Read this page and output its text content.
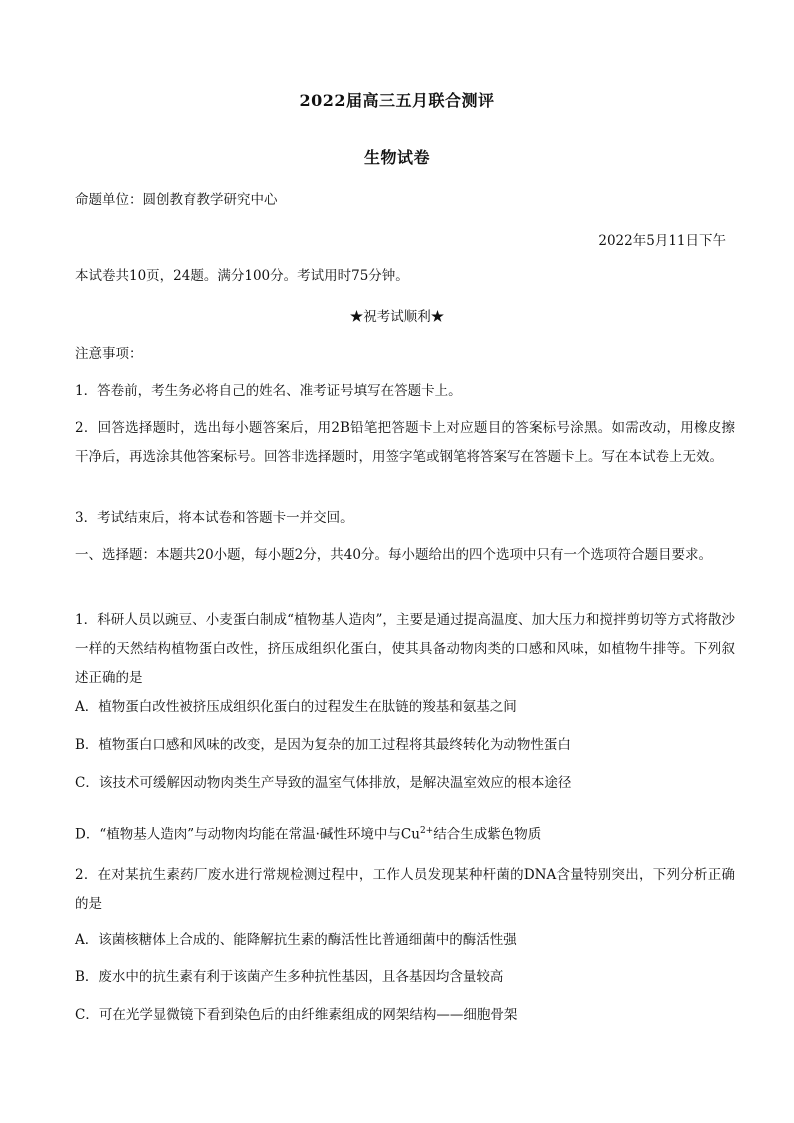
2022届高三五月联合测评
生物试卷
命题单位：圆创教育教学研究中心
2022年5月11日下午
本试卷共10页，24题。满分100分。考试用时75分钟。
★祝考试顺利★
注意事项：
1．答卷前，考生务必将自己的姓名、准考证号填写在答题卡上。
2．回答选择题时，选出每小题答案后，用2B铅笔把答题卡上对应题目的答案标号涂黑。如需改动，用橡皮擦干净后，再选涂其他答案标号。回答非选择题时，用签字笔或钢笔将答案写在答题卡上。写在本试卷上无效。
3．考试结束后，将本试卷和答题卡一并交回。
一、选择题：本题共20小题，每小题2分，共40分。每小题给出的四个选项中只有一个选项符合题目要求。
1．科研人员以豌豆、小麦蛋白制成“植物基人造肉”，主要是通过提高温度、加大压力和搅拌剪切等方式将散沙一样的天然结构植物蛋白改性，挤压成组织化蛋白，使其具备动物肉类的口感和风味，如植物牛排等。下列叙述正确的是
A．植物蛋白改性被挤压成组织化蛋白的过程发生在肽链的羧基和氨基之间
B．植物蛋白口感和风味的改变，是因为复杂的加工过程将其最终转化为动物性蛋白
C．该技术可缓解因动物肉类生产导致的温室气体排放，是解决温室效应的根本途径
D．“植物基人造肉”与动物肉均能在常温·碱性环境中与$Cu^{2+}$结合生成紫色物质
2．在对某抗生素药厂废水进行常规检测过程中，工作人员发现某种杆菌的DNA含量特别突出，下列分析正确的是
A．该菌核糖体上合成的、能降解抗生素的酶活性比普通细菌中的酶活性强
B．废水中的抗生素有利于该菌产生多种抗性基因，且各基因均含量较高
C．可在光学显微镜下看到染色后的由纤维素组成的网架结构——细胞骨架
